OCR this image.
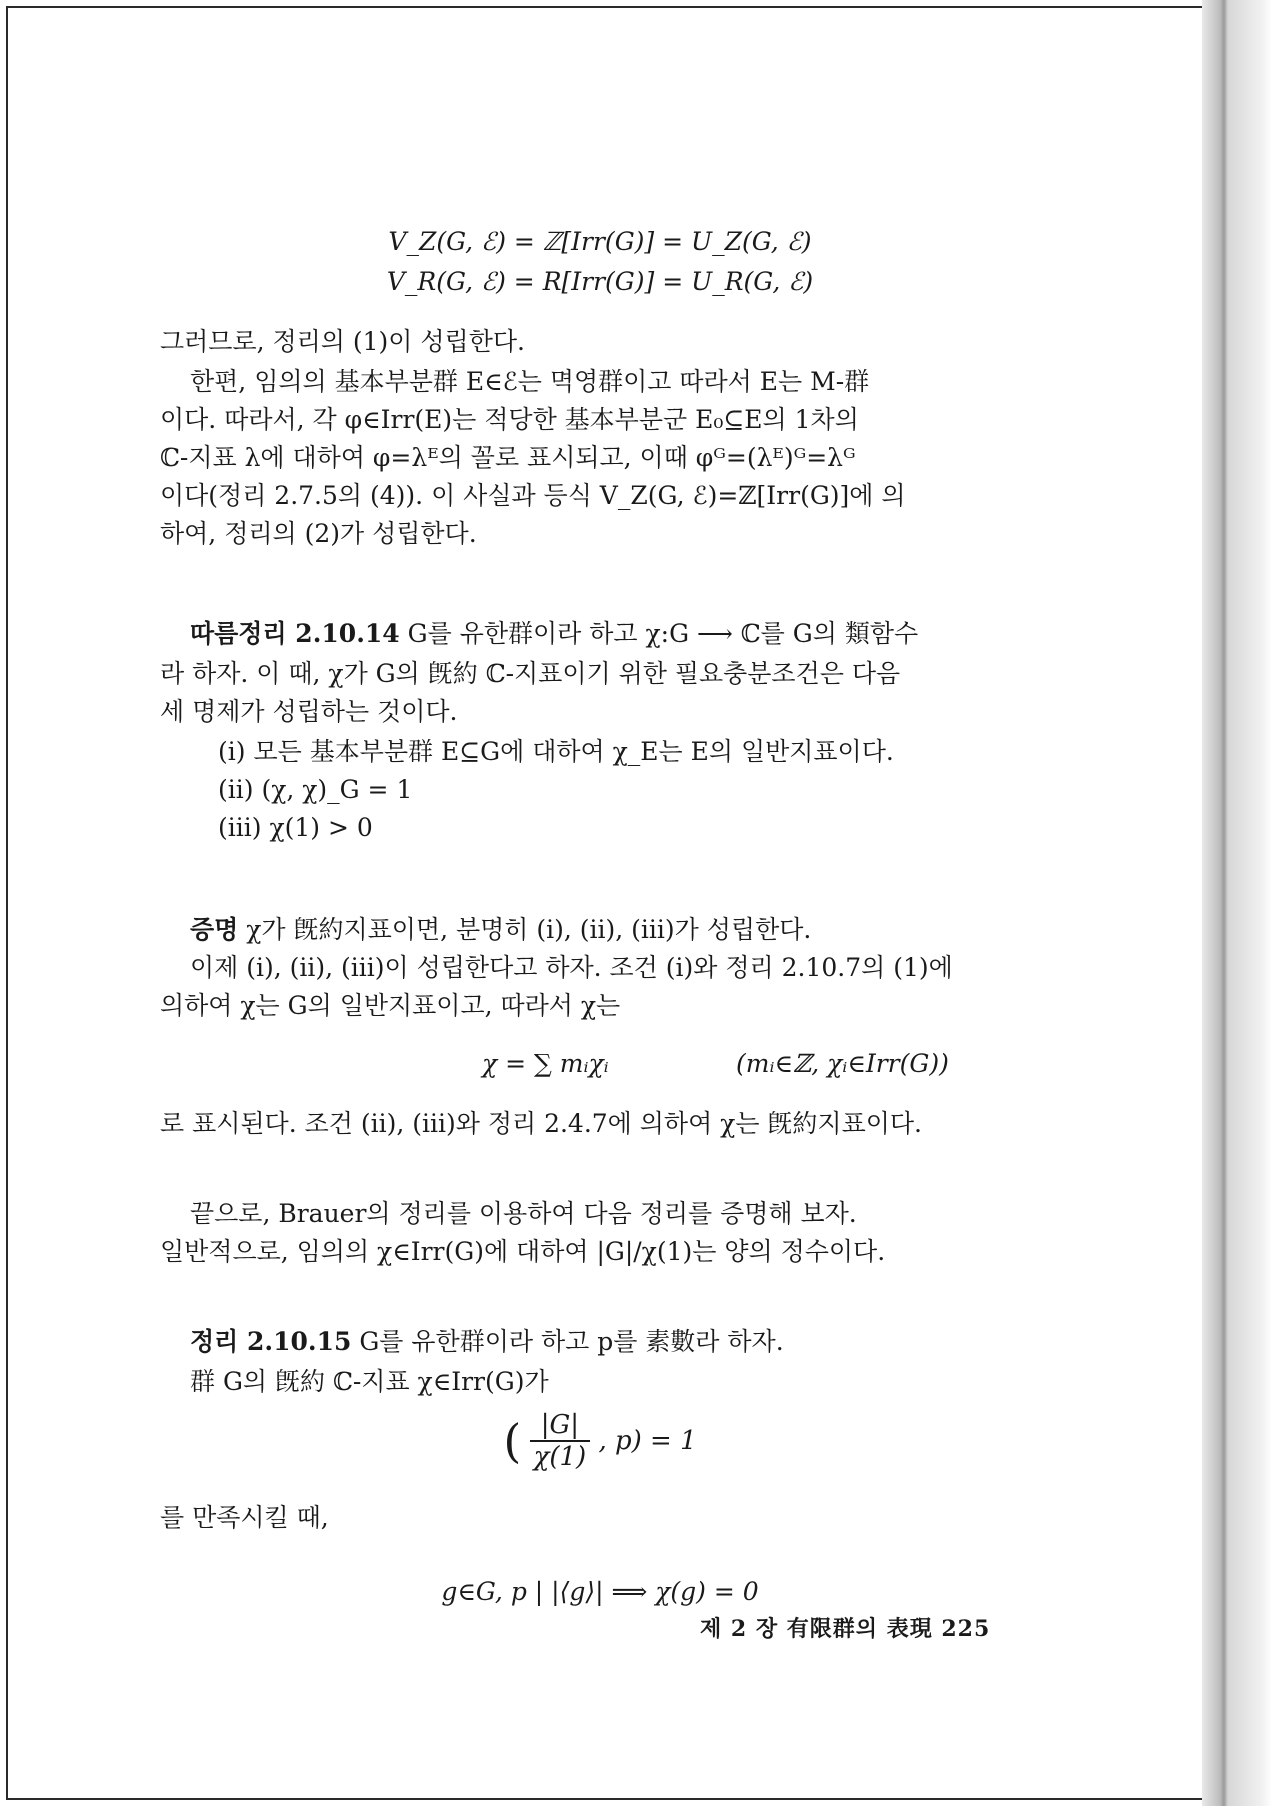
V_Z(G, ℰ) = ℤ[Irr(G)] = U_Z(G, ℰ)
V_R(G, ℰ) = R[Irr(G)] = U_R(G, ℰ)
그러므로, 정리의 (1)이 성립한다.
한편, 임의의 基本부분群 E∈ℰ는 멱영群이고 따라서 E는 M-群
이다. 따라서, 각 φ∈Irr(E)는 적당한 基本부분군 E₀⊆E의 1차의
ℂ-지표 λ에 대하여 φ=λᴱ의 꼴로 표시되고, 이때 φᴳ=(λᴱ)ᴳ=λᴳ
이다(정리 2.7.5의 (4)). 이 사실과 등식 V_Z(G, ℰ)=ℤ[Irr(G)]에 의
하여, 정리의 (2)가 성립한다.
따름정리 2.10.14 G를 유한群이라 하고 χ:G ⟶ ℂ를 G의 類함수
라 하자. 이 때, χ가 G의 旣約 ℂ-지표이기 위한 필요충분조건은 다음
세 명제가 성립하는 것이다.
(i) 모든 基本부분群 E⊆G에 대하여 χ_E는 E의 일반지표이다.
(ii) (χ, χ)_G = 1
(iii) χ(1) > 0
증명 χ가 旣約지표이면, 분명히 (i), (ii), (iii)가 성립한다.
이제 (i), (ii), (iii)이 성립한다고 하자. 조건 (i)와 정리 2.10.7의 (1)에
의하여 χ는 G의 일반지표이고, 따라서 χ는
χ = ∑ mᵢχᵢ	(mᵢ∈ℤ, χᵢ∈Irr(G))
로 표시된다. 조건 (ii), (iii)와 정리 2.4.7에 의하여 χ는 旣約지표이다.
끝으로, Brauer의 정리를 이용하여 다음 정리를 증명해 보자.
일반적으로, 임의의 χ∈Irr(G)에 대하여 |G|/χ(1)는 양의 정수이다.
정리 2.10.15 G를 유한群이라 하고 p를 素數라 하자.
群 G의 旣約 ℂ-지표 χ∈Irr(G)가
( $\frac{|G|}{\chi(1)}$ , p) = 1
를 만족시킬 때,
g∈G, p | |⟨g⟩| ⟹ χ(g) = 0
제 2 장 有限群의 表現 225
